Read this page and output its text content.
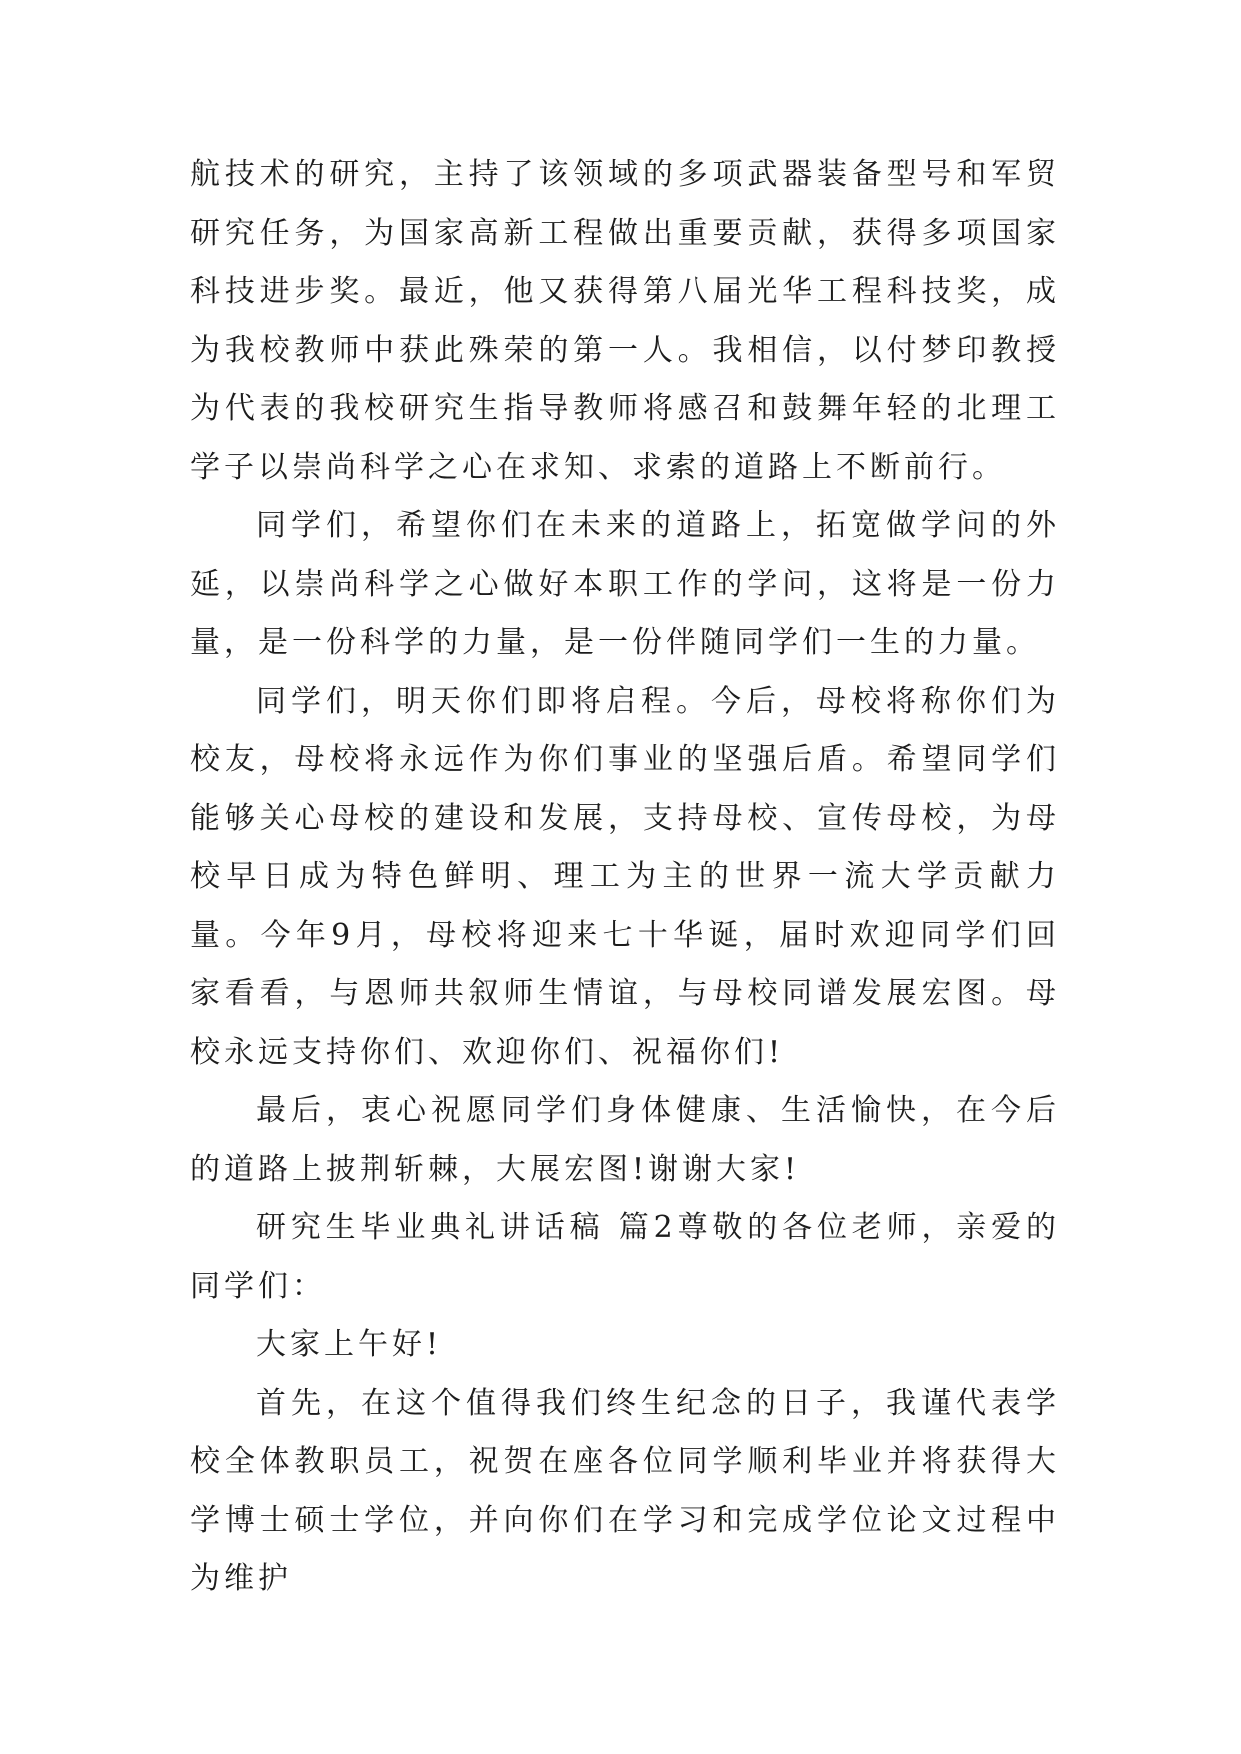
航技术的研究，主持了该领域的多项武器装备型号和军贸研究任务，为国家高新工程做出重要贡献，获得多项国家科技进步奖。最近，他又获得第八届光华工程科技奖，成为我校教师中获此殊荣的第一人。我相信，以付梦印教授为代表的我校研究生指导教师将感召和鼓舞年轻的北理工学子以崇尚科学之心在求知、求索的道路上不断前行。

同学们，希望你们在未来的道路上，拓宽做学问的外延，以崇尚科学之心做好本职工作的学问，这将是一份力量，是一份科学的力量，是一份伴随同学们一生的力量。

同学们，明天你们即将启程。今后，母校将称你们为校友，母校将永远作为你们事业的坚强后盾。希望同学们能够关心母校的建设和发展，支持母校、宣传母校，为母校早日成为特色鲜明、理工为主的世界一流大学贡献力量。今年9月，母校将迎来七十华诞，届时欢迎同学们回家看看，与恩师共叙师生情谊，与母校同谱发展宏图。母校永远支持你们、欢迎你们、祝福你们!

最后，衷心祝愿同学们身体健康、生活愉快，在今后的道路上披荆斩棘，大展宏图!谢谢大家!

研究生毕业典礼讲话稿 篇2尊敬的各位老师，亲爱的同学们：

大家上午好!

首先，在这个值得我们终生纪念的日子，我谨代表学校全体教职员工，祝贺在座各位同学顺利毕业并将获得大学博士硕士学位，并向你们在学习和完成学位论文过程中为维护
